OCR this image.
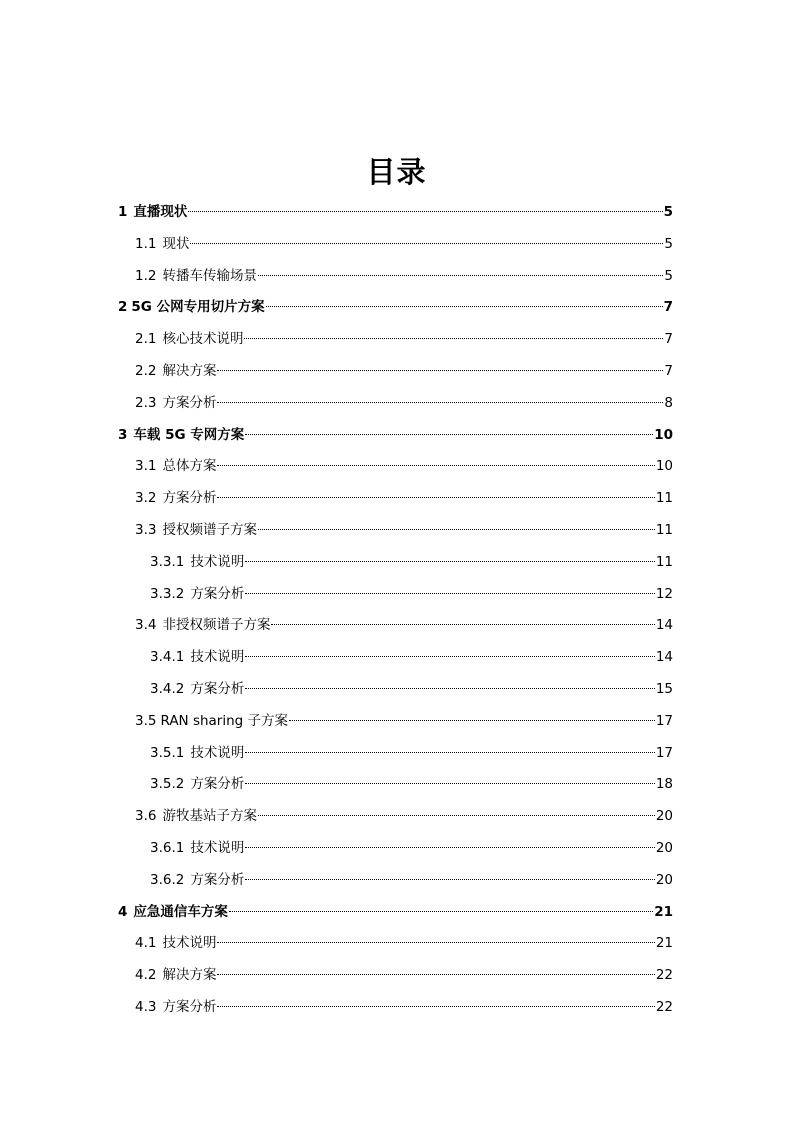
目录
1 直播现状	5
1.1 现状	5
1.2 转播车传输场景	5
2 5G 公网专用切片方案	7
2.1 核心技术说明	7
2.2 解决方案	7
2.3 方案分析	8
3 车载 5G 专网方案	10
3.1 总体方案	10
3.2 方案分析	11
3.3 授权频谱子方案	11
3.3.1 技术说明	11
3.3.2 方案分析	12
3.4 非授权频谱子方案	14
3.4.1 技术说明	14
3.4.2 方案分析	15
3.5 RAN sharing 子方案	17
3.5.1 技术说明	17
3.5.2 方案分析	18
3.6 游牧基站子方案	20
3.6.1 技术说明	20
3.6.2 方案分析	20
4 应急通信车方案	21
4.1 技术说明	21
4.2 解决方案	22
4.3 方案分析	22
